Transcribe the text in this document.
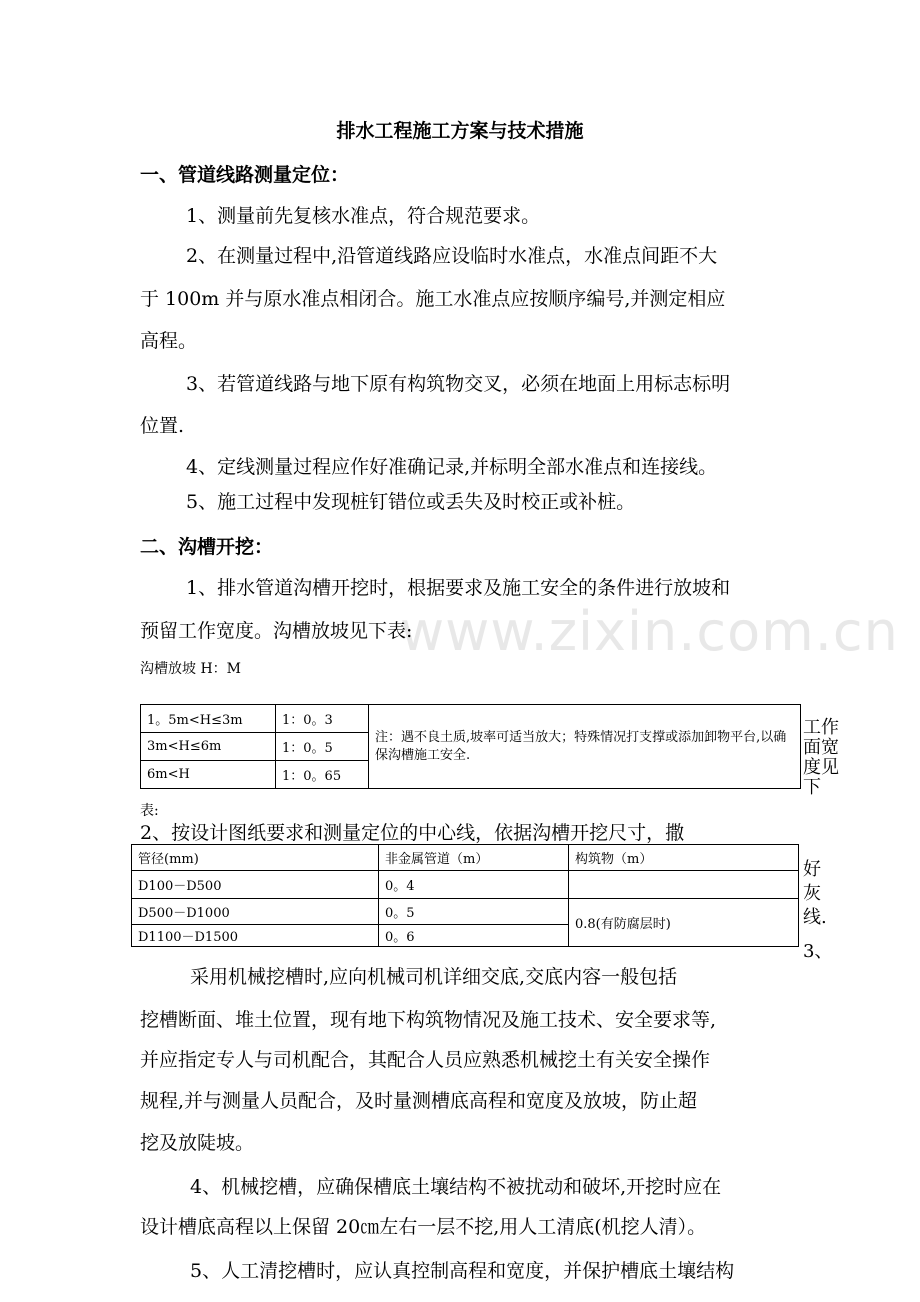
www.zixin.com.cn
排水工程施工方案与技术措施
一、管道线路测量定位：
1、测量前先复核水准点，符合规范要求。
2、在测量过程中,沿管道线路应设临时水准点，水准点间距不大
于 100m 并与原水准点相闭合。施工水准点应按顺序编号,并测定相应
高程。
3、若管道线路与地下原有构筑物交叉，必须在地面上用标志标明
位置.
4、定线测量过程应作好准确记录,并标明全部水准点和连接线。
5、施工过程中发现桩钉错位或丢失及时校正或补桩。
二、沟槽开挖：
1、排水管道沟槽开挖时，根据要求及施工安全的条件进行放坡和
预留工作宽度。沟槽放坡见下表:
沟槽放坡 H：M
1。5m<H≤3m	1：0。3	注：遇不良土质,坡率可适当放大；特殊情况打支撑或添加卸物平台,以确保沟槽施工安全.
3m<H≤6m	1：0。5	
6m<H	1：0。65	
工作面宽度见下
表:
2、按设计图纸要求和测量定位的中心线，依据沟槽开挖尺寸，撒
管径(mm)	非金属管道（m）	构筑物（m）
D100－D500	0。4	
D500－D1000	0。5	0.8(有防腐层时)
D1100－D1500	0。6	
好灰线.
3、
采用机械挖槽时,应向机械司机详细交底,交底内容一般包括
挖槽断面、堆土位置，现有地下构筑物情况及施工技术、安全要求等,
并应指定专人与司机配合，其配合人员应熟悉机械挖土有关安全操作
规程,并与测量人员配合，及时量测槽底高程和宽度及放坡，防止超
挖及放陡坡。
4、机械挖槽，应确保槽底土壤结构不被扰动和破坏,开挖时应在
设计槽底高程以上保留 20㎝左右一层不挖,用人工清底(机挖人清）。
5、人工清挖槽时，应认真控制高程和宽度，并保护槽底土壤结构
